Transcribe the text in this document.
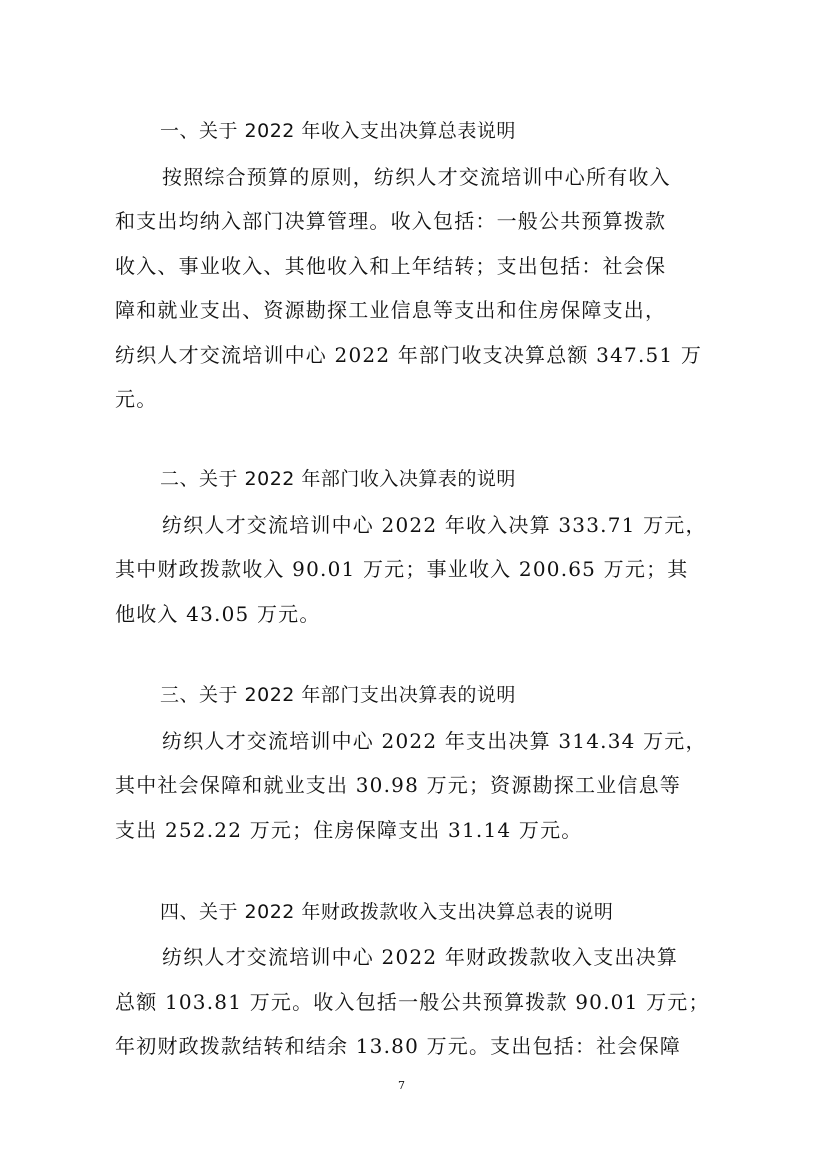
一、关于 2022 年收入支出决算总表说明
按照综合预算的原则，纺织人才交流培训中心所有收入
和支出均纳入部门决算管理。收入包括：一般公共预算拨款
收入、事业收入、其他收入和上年结转；支出包括：社会保
障和就业支出、资源勘探工业信息等支出和住房保障支出，
纺织人才交流培训中心 2022 年部门收支决算总额 347.51 万
元。
二、关于 2022 年部门收入决算表的说明
纺织人才交流培训中心 2022 年收入决算 333.71 万元，
其中财政拨款收入 90.01 万元；事业收入 200.65 万元；其
他收入 43.05 万元。
三、关于 2022 年部门支出决算表的说明
纺织人才交流培训中心 2022 年支出决算 314.34 万元，
其中社会保障和就业支出 30.98 万元；资源勘探工业信息等
支出 252.22 万元；住房保障支出 31.14 万元。
四、关于 2022 年财政拨款收入支出决算总表的说明
纺织人才交流培训中心 2022 年财政拨款收入支出决算
总额 103.81 万元。收入包括一般公共预算拨款 90.01 万元；
年初财政拨款结转和结余 13.80 万元。支出包括：社会保障
7
